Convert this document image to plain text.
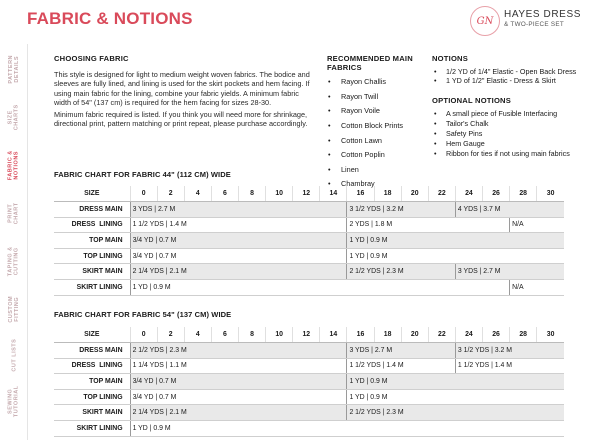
FABRIC & NOTIONS	GN
HAYES DRESS
& TWO-PIECE SET
PATTERN
DETAILS
SIZE
CHARTS
FABRIC &
NOTIONS
PRINT
CHART
TAPING &
CUTTING
CUSTOM
FITTING
CUT LISTS
SEWING
TUTORIAL
CHOOSING FABRIC

This style is designed for light to medium weight woven fabrics. The bodice and sleeves are fully lined, and lining is used for the skirt pockets and hem facing. If using main fabric for the lining, combine your fabric yields. A minimum fabric width of 54" (137 cm) is required for the hem facing for sizes 28-30.

Minimum fabric required is listed. If you think you will need more for shrinkage, directional print, pattern matching or print repeat, please purchase accordingly.

RECOMMENDED MAIN FABRICS
• Rayon Challis
• Rayon Twill
• Rayon Voile
• Cotton Block Prints
• Cotton Lawn
• Cotton Poplin
• Linen
• Chambray
NOTIONS
• 1/2 YD of 1/4" Elastic - Open Back Dress
• 1 YD of 1/2" Elastic - Dress & Skirt
OPTIONAL NOTIONS
• A small piece of Fusible Interfacing
• Tailor's Chalk
• Safety Pins
• Hem Gauge
• Ribbon for ties if not using main fabrics
FABRIC CHART FOR FABRIC 44" (112 CM) WIDE
SIZE	0	2	4	6	8	10	12	14	16	18	20	22	24	26	28	30
DRESS MAIN	3 YDS | 2.7 M								3 1/2 YDS | 3.2 M				4 YDS | 3.7 M			
DRESS  LINING	1 1/2 YDS | 1.4 M								2 YDS | 1.8 M						N/A	
TOP MAIN	3/4 YD | 0.7 M								1 YD | 0.9 M							
TOP LINING	3/4 YD | 0.7 M								1 YD | 0.9 M							
SKIRT MAIN	2 1/4 YDS | 2.1 M								2 1/2 YDS | 2.3 M				3 YDS | 2.7 M			
SKIRT LINING	1 YD | 0.9 M														N/A	
FABRIC CHART FOR FABRIC 54" (137 CM) WIDE
SIZE	0	2	4	6	8	10	12	14	16	18	20	22	24	26	28	30
DRESS MAIN	2 1/2 YDS | 2.3 M								3 YDS | 2.7 M				3 1/2 YDS | 3.2 M			
DRESS  LINING	1 1/4 YDS | 1.1 M								1 1/2 YDS | 1.4 M				1 1/2 YDS | 1.4 M			
TOP MAIN	3/4 YD | 0.7 M								1 YD | 0.9 M							
TOP LINING	3/4 YD | 0.7 M								1 YD | 0.9 M							
SKIRT MAIN	2 1/4 YDS | 2.1 M								2 1/2 YDS | 2.3 M							
SKIRT LINING	1 YD | 0.9 M															
